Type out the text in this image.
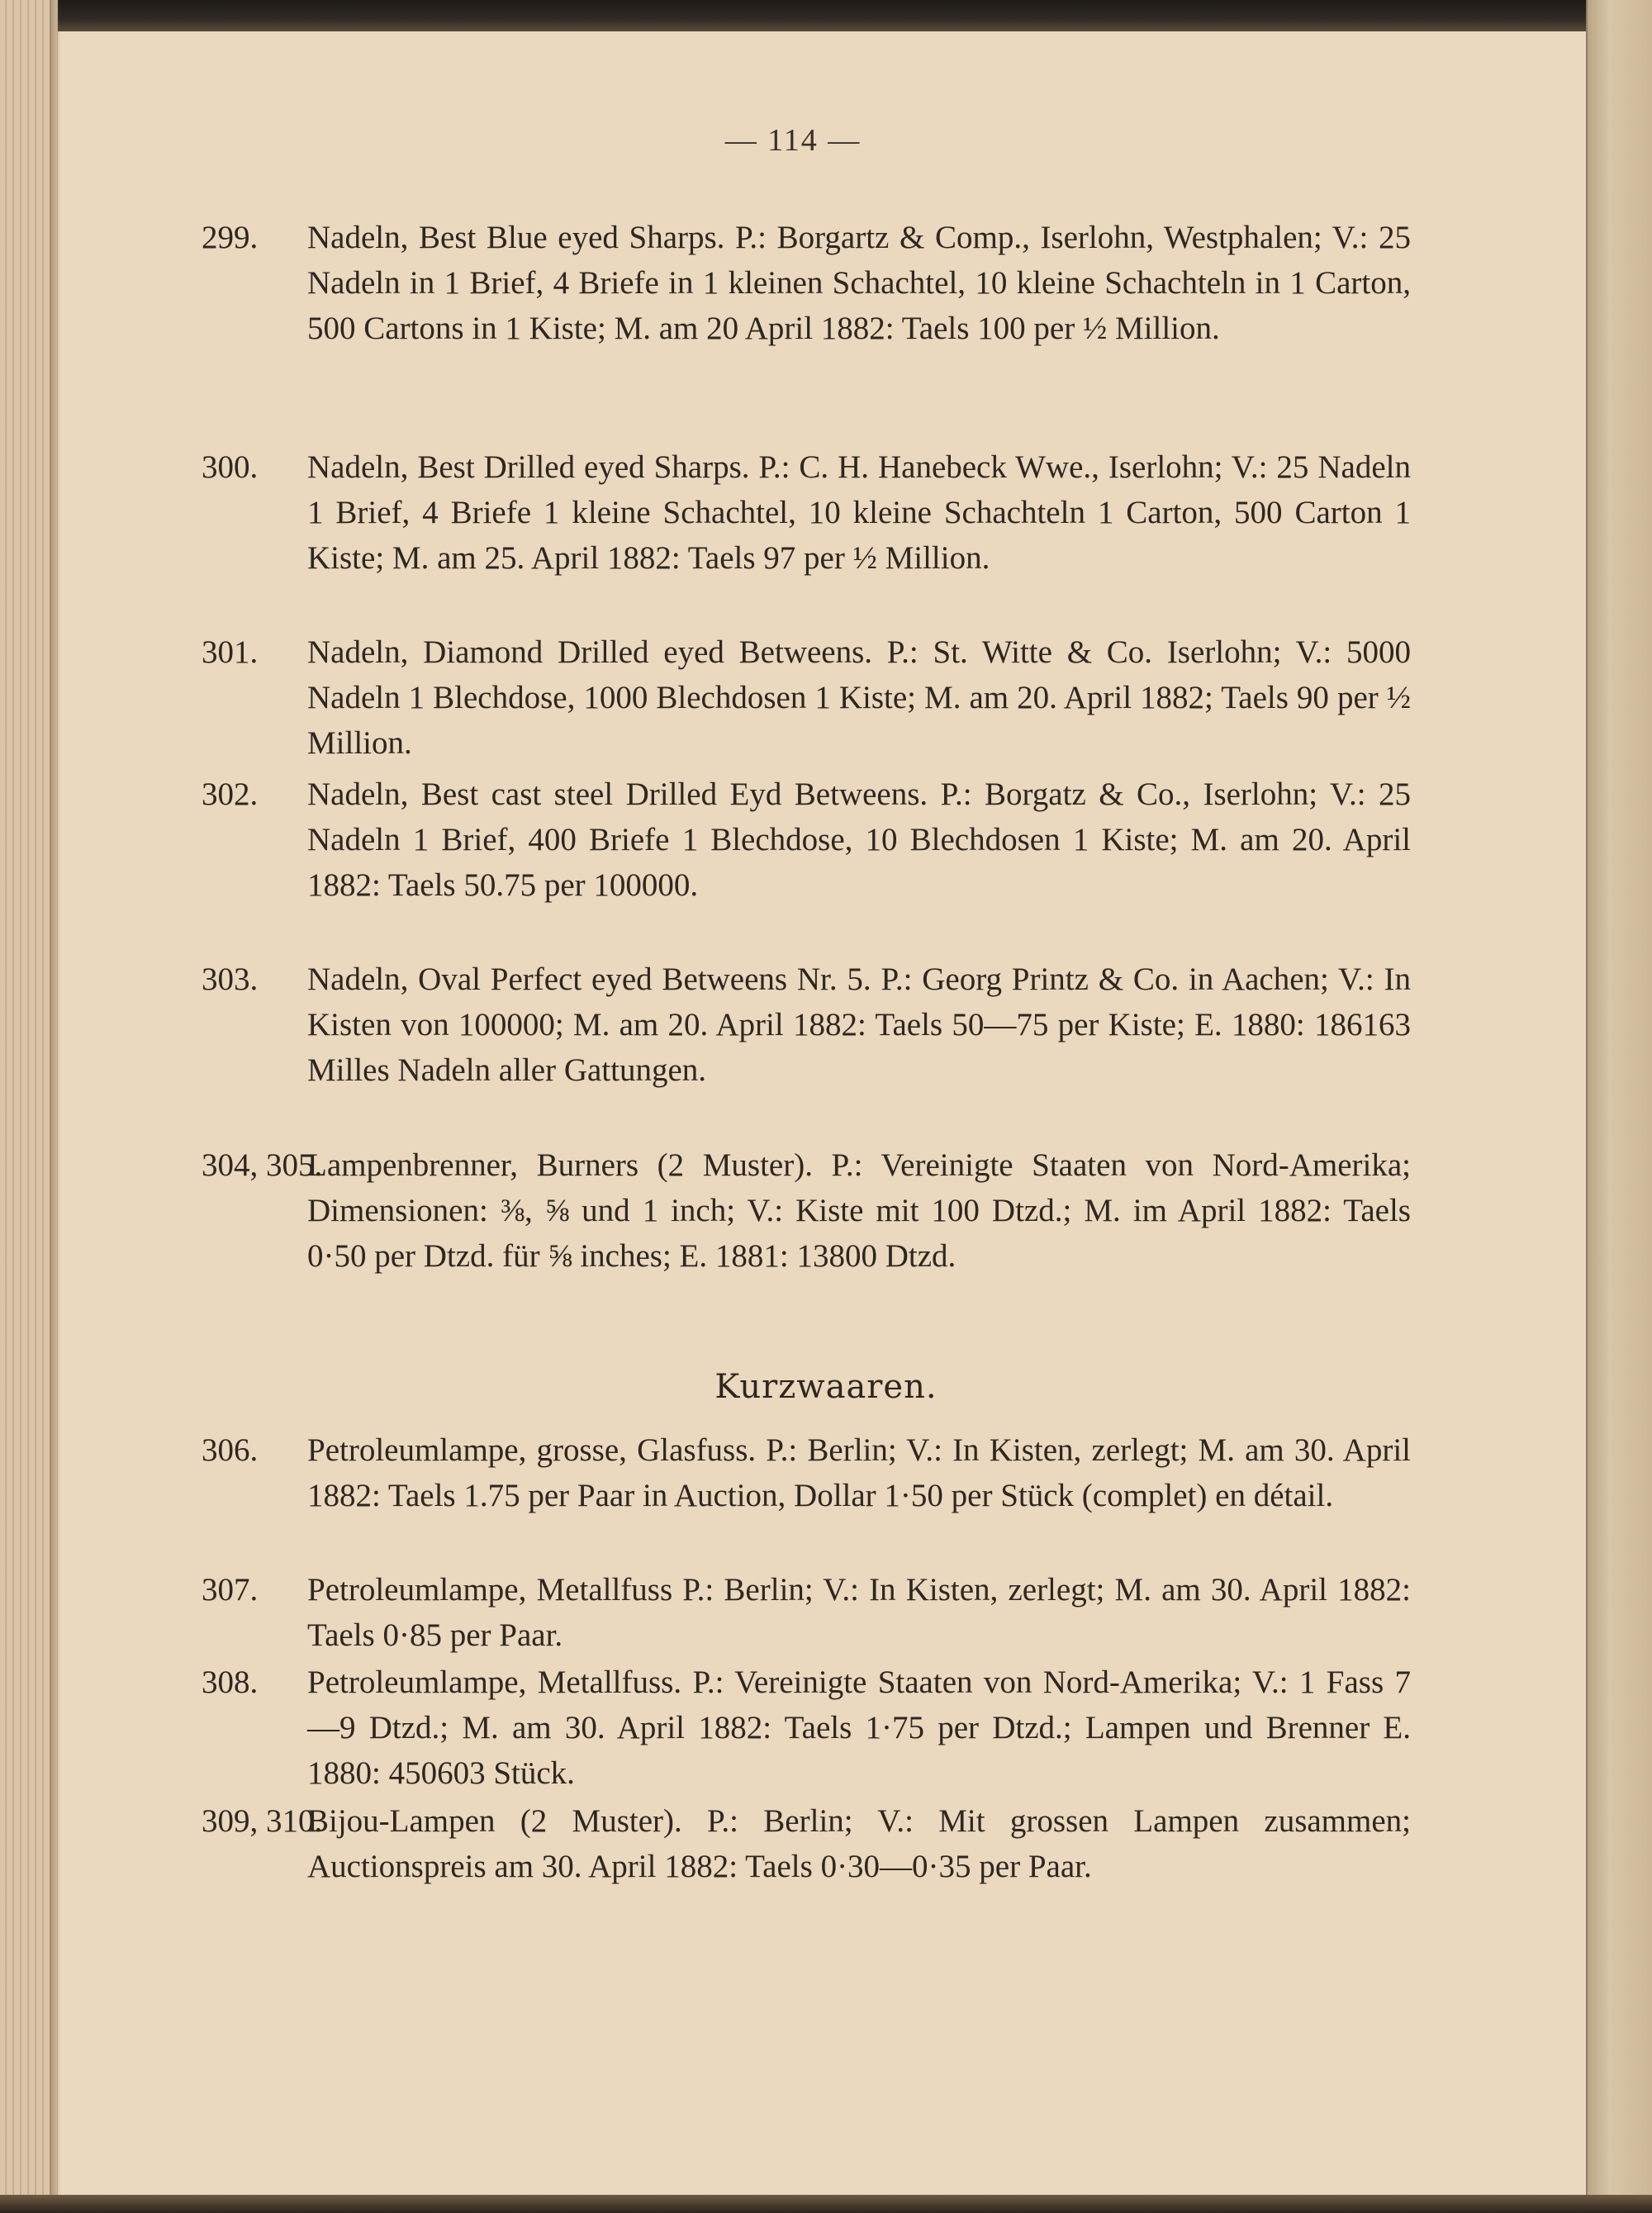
— 114 —
299. Nadeln, Best Blue eyed Sharps. P.: Borgartz & Comp., Iserlohn, Westphalen; V.: 25 Nadeln in 1 Brief, 4 Briefe in 1 kleinen Schachtel, 10 kleine Schachteln in 1 Carton, 500 Cartons in 1 Kiste; M. am 20 April 1882: Taels 100 per ½ Million.
300. Nadeln, Best Drilled eyed Sharps. P.: C. H. Hanebeck Wwe., Iserlohn; V.: 25 Nadeln 1 Brief, 4 Briefe 1 kleine Schachtel, 10 kleine Schachteln 1 Carton, 500 Carton 1 Kiste; M. am 25. April 1882: Taels 97 per ½ Million.
301. Nadeln, Diamond Drilled eyed Betweens. P.: St. Witte & Co. Iserlohn; V.: 5000 Nadeln 1 Blechdose, 1000 Blechdosen 1 Kiste; M. am 20. April 1882; Taels 90 per ½ Million.
302. Nadeln, Best cast steel Drilled Eyd Betweens. P.: Borgatz & Co., Iserlohn; V.: 25 Nadeln 1 Brief, 400 Briefe 1 Blechdose, 10 Blechdosen 1 Kiste; M. am 20. April 1882: Taels 50.75 per 100000.
303. Nadeln, Oval Perfect eyed Betweens Nr. 5. P.: Georg Printz & Co. in Aachen; V.: In Kisten von 100000; M. am 20. April 1882: Taels 50—75 per Kiste; E. 1880: 186163 Milles Nadeln aller Gattungen.
304, 305.
Lampenbrenner, Burners (2 Muster). P.: Vereinigte Staaten von Nord-Amerika; Dimensionen: ⅜, ⅝ und 1 inch; V.: Kiste mit 100 Dtzd.; M. im April 1882: Taels 0·50 per Dtzd. für ⅝ inches; E. 1881: 13800 Dtzd.
Kurzwaaren.
306. Petroleumlampe, grosse, Glasfuss. P.: Berlin; V.: In Kisten, zerlegt; M. am 30. April 1882: Taels 1.75 per Paar in Auction, Dollar 1·50 per Stück (complet) en détail.
307. Petroleumlampe, Metallfuss P.: Berlin; V.: In Kisten, zerlegt; M. am 30. April 1882: Taels 0·85 per Paar.
308. Petroleumlampe, Metallfuss. P.: Vereinigte Staaten von Nord-Amerika; V.: 1 Fass 7—9 Dtzd.; M. am 30. April 1882: Taels 1·75 per Dtzd.; Lampen und Brenner E. 1880: 450603 Stück.
309, 310.
Bijou-Lampen (2 Muster). P.: Berlin; V.: Mit grossen Lampen zusammen; Auctionspreis am 30. April 1882: Taels 0·30—0·35 per Paar.
